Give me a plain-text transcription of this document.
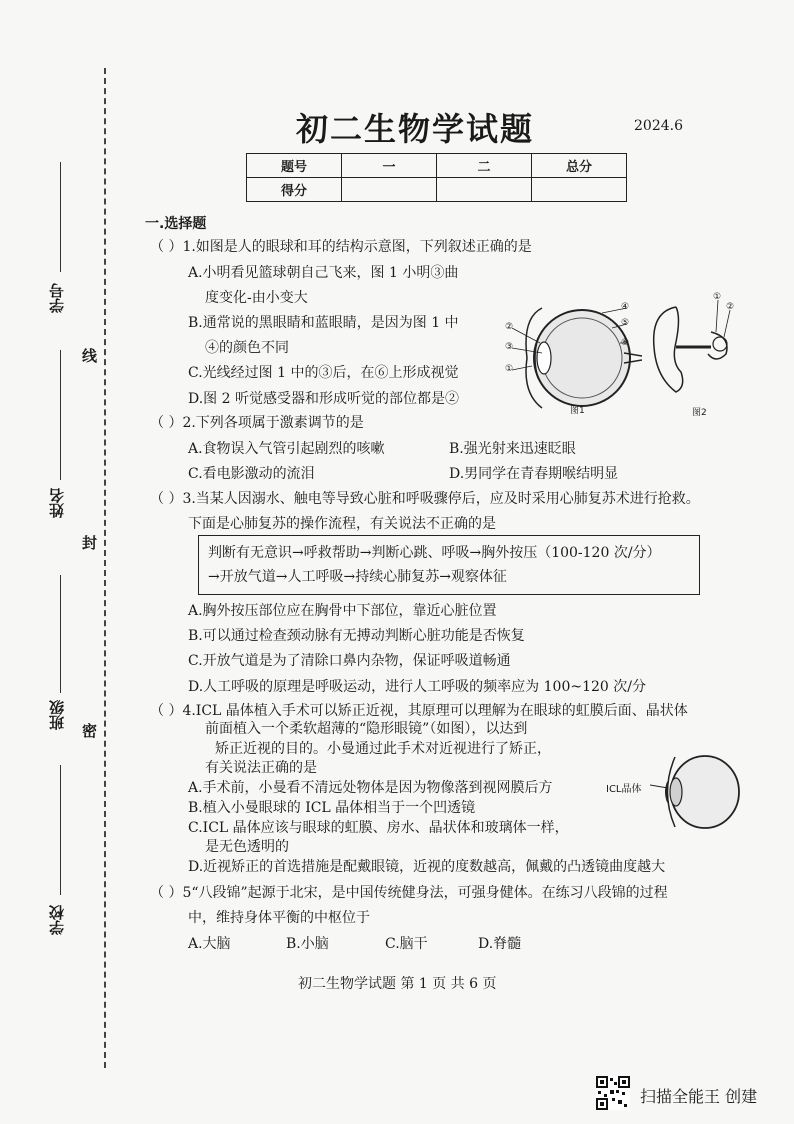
学号
姓名
班级
学校
线
封
密
初二生物学试题	2024.6
题号	一	二	总分
得分			
一.选择题
（ ）1.如图是人的眼球和耳的结构示意图，下列叙述正确的是
A.小明看见篮球朝自己飞来，图 1 小明③曲
度变化-由小变大
B.通常说的黑眼睛和蓝眼睛，是因为图 1 中
④的颜色不同
C.光线经过图 1 中的③后，在⑥上形成视觉
D.图 2 听觉感受器和形成听觉的部位都是②
④
⑤
⑥
②
③
①
图1
①
②
图2
（ ）2.下列各项属于激素调节的是
A.食物误入气管引起剧烈的咳嗽	B.强光射来迅速眨眼
C.看电影激动的流泪	D.男同学在青春期喉结明显
（ ）3.当某人因溺水、触电等导致心脏和呼吸骤停后，应及时采用心肺复苏术进行抢救。
下面是心肺复苏的操作流程，有关说法不正确的是
判断有无意识→呼救帮助→判断心跳、呼吸→胸外按压（100-120 次/分）
→开放气道→人工呼吸→持续心肺复苏→观察体征
A.胸外按压部位应在胸骨中下部位，靠近心脏位置
B.可以通过检查颈动脉有无搏动判断心脏功能是否恢复
C.开放气道是为了清除口鼻内杂物，保证呼吸道畅通
D.人工呼吸的原理是呼吸运动，进行人工呼吸的频率应为 100~120 次/分
（ ）4.ICL 晶体植入手术可以矫正近视，其原理可以理解为在眼球的虹膜后面、晶状体
前面植入一个柔软超薄的“隐形眼镜”（如图），以达到
矫正近视的目的。小曼通过此手术对近视进行了矫正，
有关说法正确的是
A.手术前，小曼看不清远处物体是因为物像落到视网膜后方
B.植入小曼眼球的 ICL 晶体相当于一个凹透镜
C.ICL 晶体应该与眼球的虹膜、房水、晶状体和玻璃体一样，
是无色透明的
D.近视矫正的首选措施是配戴眼镜，近视的度数越高，佩戴的凸透镜曲度越大
ICL晶体
（ ）5“八段锦”起源于北宋，是中国传统健身法，可强身健体。在练习八段锦的过程
中，维持身体平衡的中枢位于
A.大脑	B.小脑	C.脑干	D.脊髓
初二生物学试题 第 1 页 共 6 页
扫描全能王 创建
